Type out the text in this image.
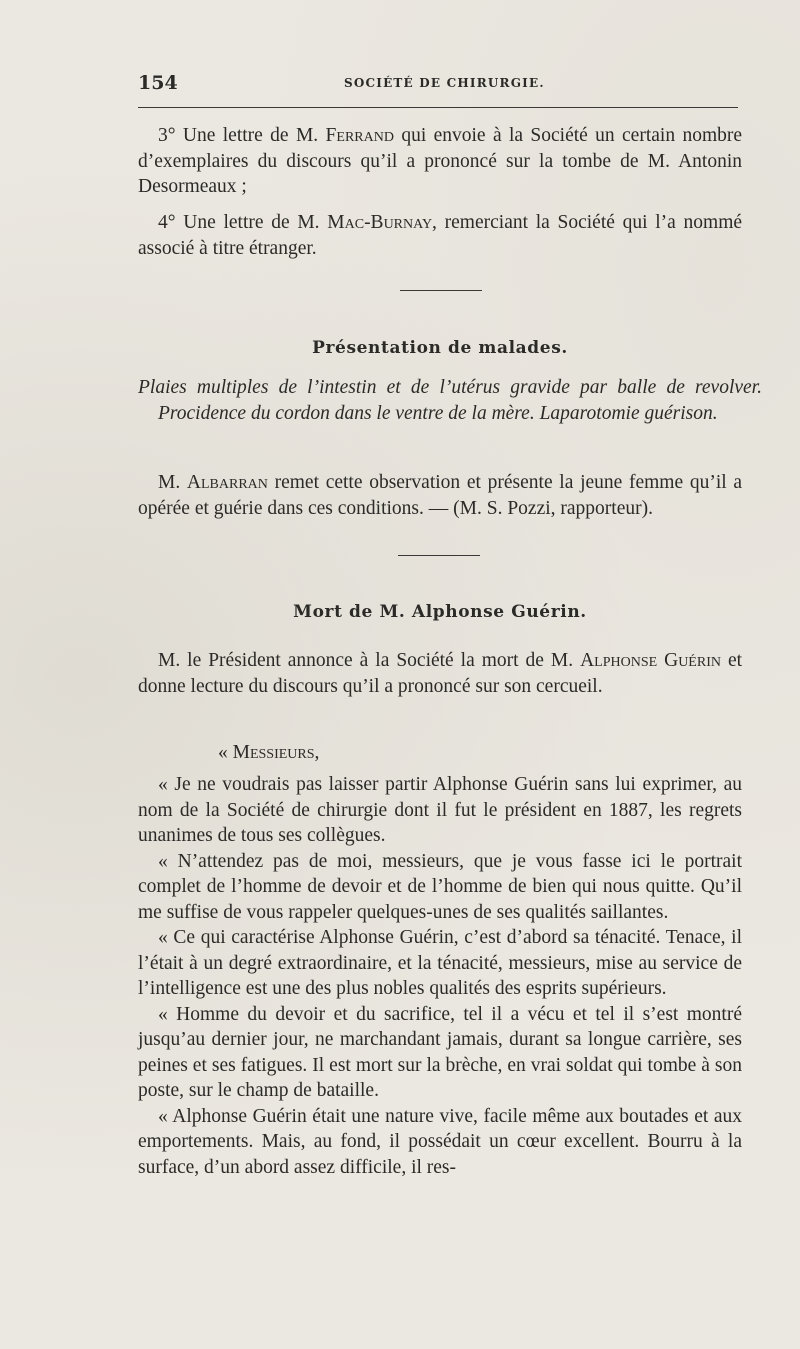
154	SOCIÉTÉ DE CHIRURGIE.

3° Une lettre de M. Ferrand qui envoie à la Société un certain nombre d’exemplaires du discours qu’il a prononcé sur la tombe de M. Antonin Desormeaux ;

4° Une lettre de M. Mac-Burnay, remerciant la Société qui l’a nommé associé à titre étranger.

Présentation de malades.

Plaies multiples de l’intestin et de l’utérus gravide par balle de revolver. Procidence du cordon dans le ventre de la mère. Laparotomie guérison.

M. Albarran remet cette observation et présente la jeune femme qu’il a opérée et guérie dans ces conditions. — (M. S. Pozzi, rapporteur).

Mort de M. Alphonse Guérin.

M. le Président annonce à la Société la mort de M. Alphonse Guérin et donne lecture du discours qu’il a prononcé sur son cercueil.

« Messieurs,

« Je ne voudrais pas laisser partir Alphonse Guérin sans lui exprimer, au nom de la Société de chirurgie dont il fut le président en 1887, les regrets unanimes de tous ses collègues.

« N’attendez pas de moi, messieurs, que je vous fasse ici le portrait complet de l’homme de devoir et de l’homme de bien qui nous quitte. Qu’il me suffise de vous rappeler quelques-unes de ses qualités saillantes.

« Ce qui caractérise Alphonse Guérin, c’est d’abord sa ténacité. Tenace, il l’était à un degré extraordinaire, et la ténacité, messieurs, mise au service de l’intelligence est une des plus nobles qualités des esprits supérieurs.

« Homme du devoir et du sacrifice, tel il a vécu et tel il s’est montré jusqu’au dernier jour, ne marchandant jamais, durant sa longue carrière, ses peines et ses fatigues. Il est mort sur la brèche, en vrai soldat qui tombe à son poste, sur le champ de bataille.

« Alphonse Guérin était une nature vive, facile même aux boutades et aux emportements. Mais, au fond, il possédait un cœur excellent. Bourru à la surface, d’un abord assez difficile, il res-
